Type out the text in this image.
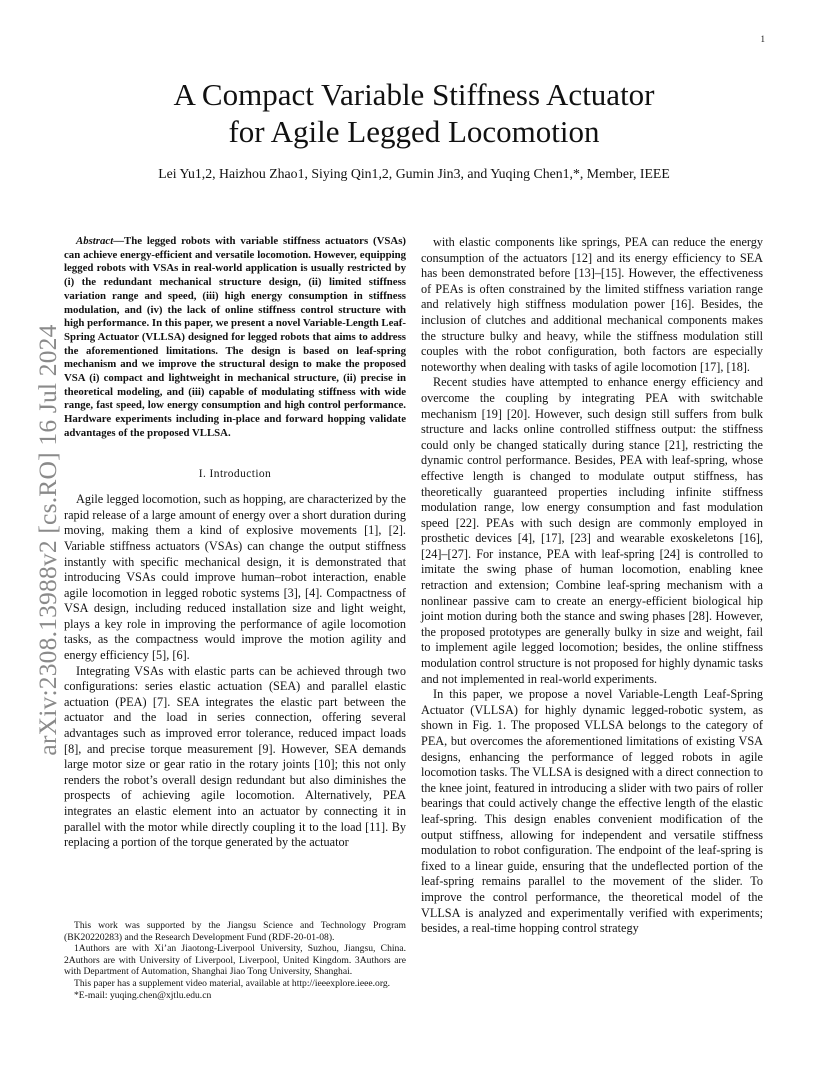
1
arXiv:2308.13988v2 [cs.RO] 16 Jul 2024
A Compact Variable Stiffness Actuator
for Agile Legged Locomotion

Lei Yu1,2, Haizhou Zhao1, Siying Qin1,2, Gumin Jin3, and Yuqing Chen1,*, Member, IEEE

Abstract—The legged robots with variable stiffness actuators (VSAs) can achieve energy-efficient and versatile locomotion. However, equipping legged robots with VSAs in real-world application is usually restricted by (i) the redundant mechanical structure design, (ii) limited stiffness variation range and speed, (iii) high energy consumption in stiffness modulation, and (iv) the lack of online stiffness control structure with high performance. In this paper, we present a novel Variable-Length Leaf-Spring Actuator (VLLSA) designed for legged robots that aims to address the aforementioned limitations. The design is based on leaf-spring mechanism and we improve the structural design to make the proposed VSA (i) compact and lightweight in mechanical structure, (ii) precise in theoretical modeling, and (iii) capable of modulating stiffness with wide range, fast speed, low energy consumption and high control performance. Hardware experiments including in-place and forward hopping validate advantages of the proposed VLLSA.

I. Introduction

Agile legged locomotion, such as hopping, are characterized by the rapid release of a large amount of energy over a short duration during moving, making them a kind of explosive movements [1], [2]. Variable stiffness actuators (VSAs) can change the output stiffness instantly with specific mechanical design, it is demonstrated that introducing VSAs could improve human–robot interaction, enable agile locomotion in legged robotic systems [3], [4]. Compactness of VSA design, including reduced installation size and light weight, plays a key role in improving the performance of agile locomotion tasks, as the compactness would improve the motion agility and energy efficiency [5], [6].

Integrating VSAs with elastic parts can be achieved through two configurations: series elastic actuation (SEA) and parallel elastic actuation (PEA) [7]. SEA integrates the elastic part between the actuator and the load in series connection, offering several advantages such as improved error tolerance, reduced impact loads [8], and precise torque measurement [9]. However, SEA demands large motor size or gear ratio in the rotary joints [10]; this not only renders the robot’s overall design redundant but also diminishes the prospects of achieving agile locomotion. Alternatively, PEA integrates an elastic element into an actuator by connecting it in parallel with the motor while directly coupling it to the load [11]. By replacing a portion of the torque generated by the actuator

with elastic components like springs, PEA can reduce the energy consumption of the actuators [12] and its energy efficiency to SEA has been demonstrated before [13]–[15]. However, the effectiveness of PEAs is often constrained by the limited stiffness variation range and relatively high stiffness modulation power [16]. Besides, the inclusion of clutches and additional mechanical components makes the structure bulky and heavy, while the stiffness modulation still couples with the robot configuration, both factors are especially noteworthy when dealing with tasks of agile locomotion [17], [18].

Recent studies have attempted to enhance energy efficiency and overcome the coupling by integrating PEA with switchable mechanism [19] [20]. However, such design still suffers from bulk structure and lacks online controlled stiffness output: the stiffness could only be changed statically during stance [21], restricting the dynamic control performance. Besides, PEA with leaf-spring, whose effective length is changed to modulate output stiffness, has theoretically guaranteed properties including infinite stiffness modulation range, low energy consumption and fast modulation speed [22]. PEAs with such design are commonly employed in prosthetic devices [4], [17], [23] and wearable exoskeletons [16], [24]–[27]. For instance, PEA with leaf-spring [24] is controlled to imitate the swing phase of human locomotion, enabling knee retraction and extension; Combine leaf-spring mechanism with a nonlinear passive cam to create an energy-efficient biological hip joint motion during both the stance and swing phases [28]. However, the proposed prototypes are generally bulky in size and weight, fail to implement agile legged locomotion; besides, the online stiffness modulation control structure is not proposed for highly dynamic tasks and not implemented in real-world experiments.

In this paper, we propose a novel Variable-Length Leaf-Spring Actuator (VLLSA) for highly dynamic legged-robotic system, as shown in Fig. 1. The proposed VLLSA belongs to the category of PEA, but overcomes the aforementioned limitations of existing VSA designs, enhancing the performance of legged robots in agile locomotion tasks. The VLLSA is designed with a direct connection to the knee joint, featured in introducing a slider with two pairs of roller bearings that could actively change the effective length of the elastic leaf-spring. This design enables convenient modification of the output stiffness, allowing for independent and versatile stiffness modulation to robot configuration. The endpoint of the leaf-spring is fixed to a linear guide, ensuring that the undeflected portion of the leaf-spring remains parallel to the movement of the slider. To improve the control performance, the theoretical model of the VLLSA is analyzed and experimentally verified with experiments; besides, a real-time hopping control strategy

This work was supported by the Jiangsu Science and Technology Program (BK20220283) and the Research Development Fund (RDF-20-01-08).

1Authors are with Xi’an Jiaotong-Liverpool University, Suzhou, Jiangsu, China. 2Authors are with University of Liverpool, Liverpool, United Kingdom. 3Authors are with Department of Automation, Shanghai Jiao Tong University, Shanghai.

This paper has a supplement video material, available at http://ieeexplore.ieee.org.

*E-mail: yuqing.chen@xjtlu.edu.cn
